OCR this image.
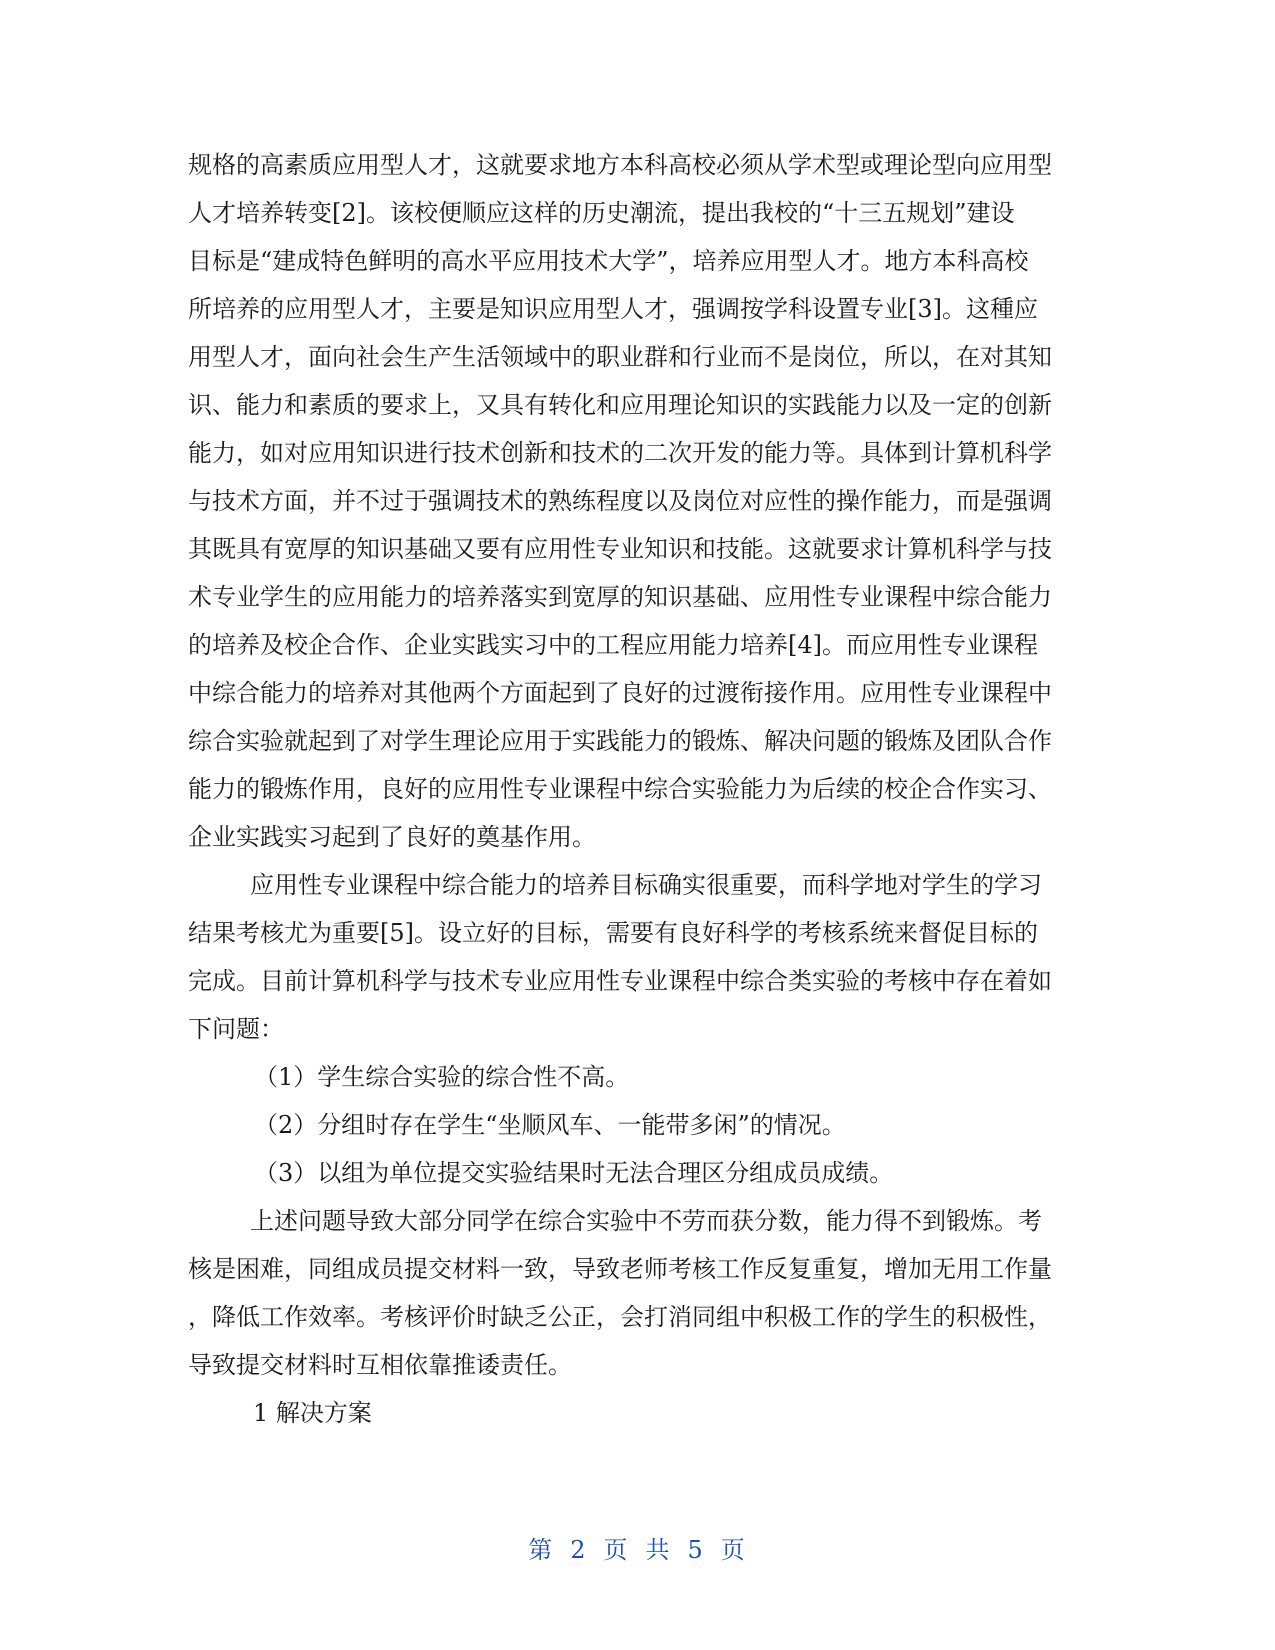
规格的高素质应用型人才，这就要求地方本科高校必须从学术型或理论型向应用型
人才培养转变[2]。该校便顺应这样的历史潮流，提出我校的“十三五规划”建设
目标是“建成特色鲜明的高水平应用技术大学”，培养应用型人才。地方本科高校
所培养的应用型人才，主要是知识应用型人才，强调按学科设置专业[3]。这種应
用型人才，面向社会生产生活领域中的职业群和行业而不是岗位，所以，在对其知
识、能力和素质的要求上，又具有转化和应用理论知识的实践能力以及一定的创新
能力，如对应用知识进行技术创新和技术的二次开发的能力等。具体到计算机科学
与技术方面，并不过于强调技术的熟练程度以及岗位对应性的操作能力，而是强调
其既具有宽厚的知识基础又要有应用性专业知识和技能。这就要求计算机科学与技
术专业学生的应用能力的培养落实到宽厚的知识基础、应用性专业课程中综合能力
的培养及校企合作、企业实践实习中的工程应用能力培养[4]。而应用性专业课程
中综合能力的培养对其他两个方面起到了良好的过渡衔接作用。应用性专业课程中
综合实验就起到了对学生理论应用于实践能力的锻炼、解决问题的锻炼及团队合作
能力的锻炼作用，良好的应用性专业课程中综合实验能力为后续的校企合作实习、
企业实践实习起到了良好的奠基作用。
应用性专业课程中综合能力的培养目标确实很重要，而科学地对学生的学习
结果考核尤为重要[5]。设立好的目标，需要有良好科学的考核系统来督促目标的
完成。目前计算机科学与技术专业应用性专业课程中综合类实验的考核中存在着如
下问题：
（1）学生综合实验的综合性不高。
（2）分组时存在学生“坐顺风车、一能带多闲”的情况。
（3）以组为单位提交实验结果时无法合理区分组成员成绩。
上述问题导致大部分同学在综合实验中不劳而获分数，能力得不到锻炼。考
核是困难，同组成员提交材料一致，导致老师考核工作反复重复，增加无用工作量
，降低工作效率。考核评价时缺乏公正，会打消同组中积极工作的学生的积极性，
导致提交材料时互相依靠推诿责任。
1 解决方案
第 2 页 共 5 页
